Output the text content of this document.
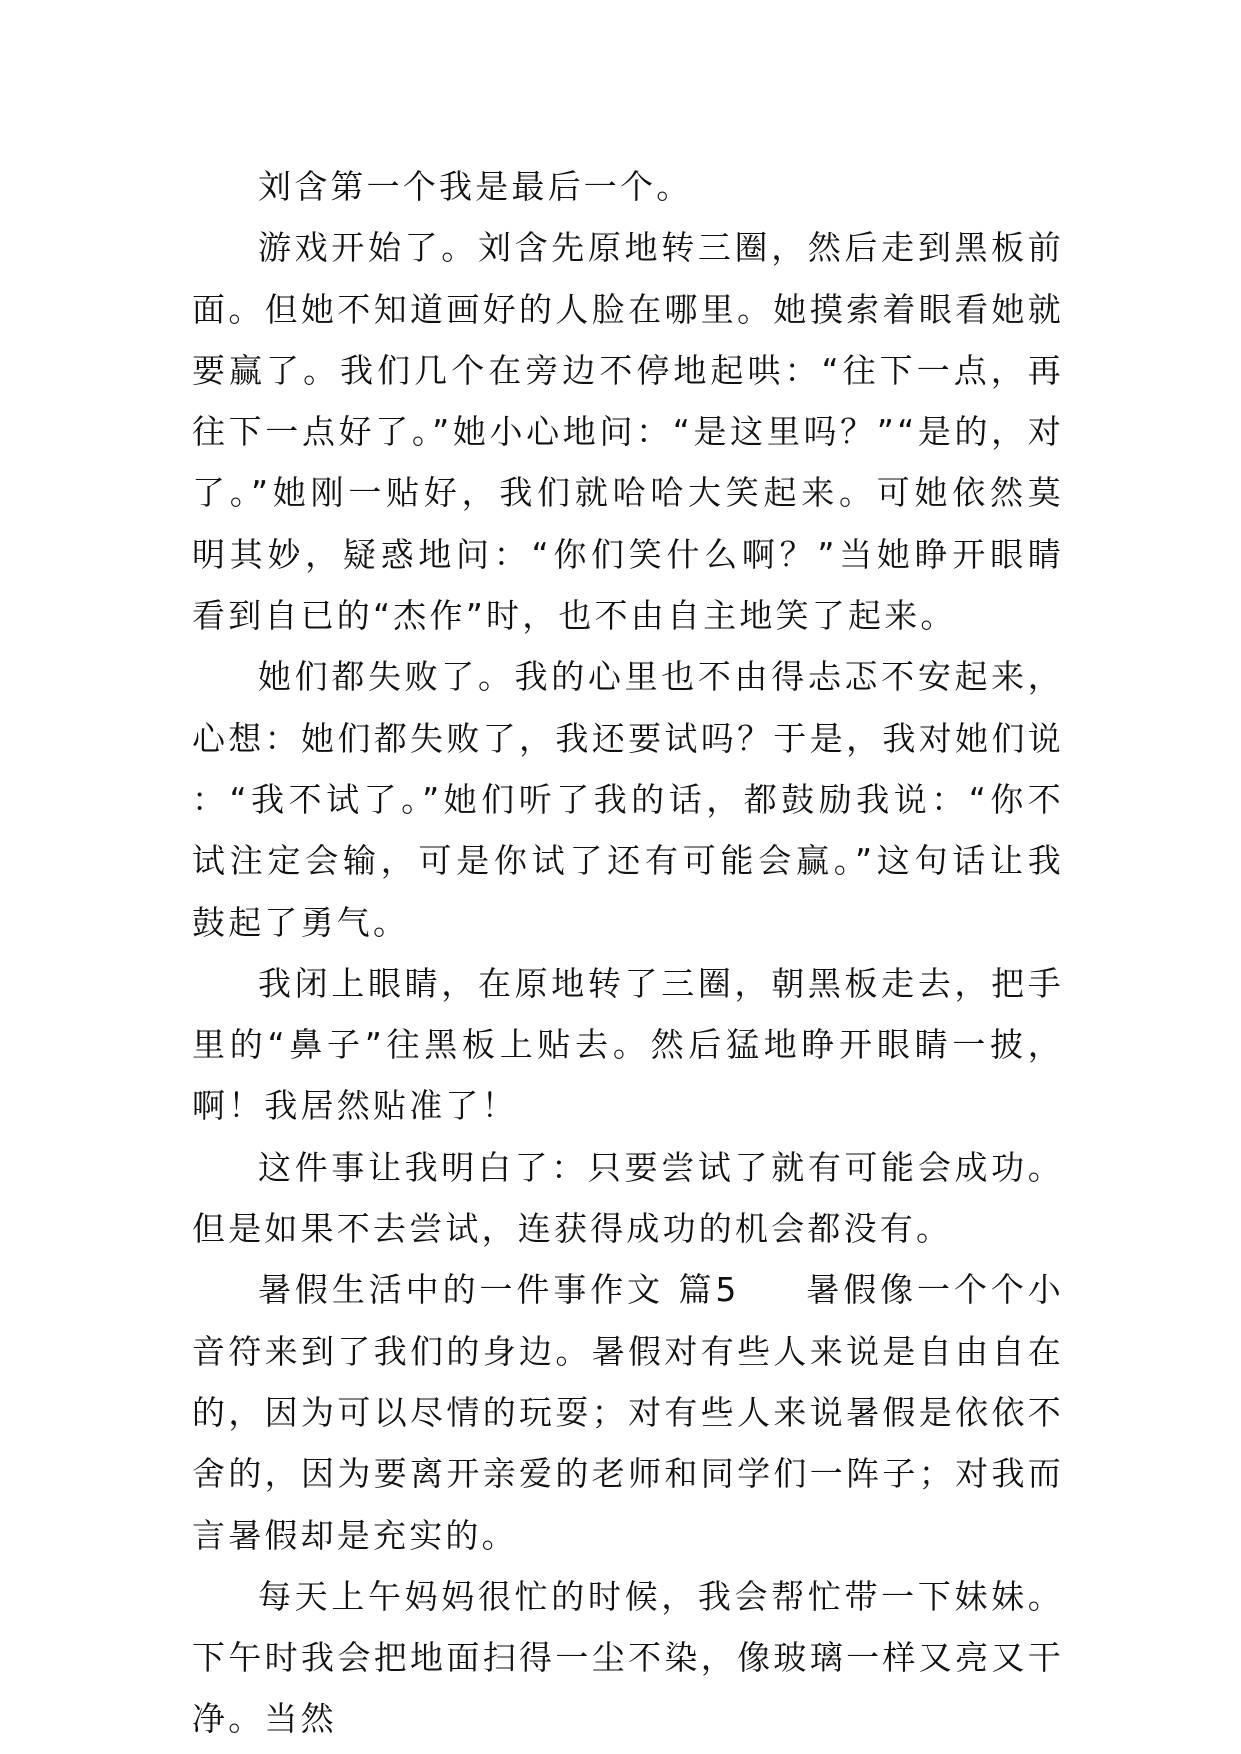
刘含第一个我是最后一个。

游戏开始了。刘含先原地转三圈，然后走到黑板前面。但她不知道画好的人脸在哪里。她摸索着眼看她就要赢了。我们几个在旁边不停地起哄：“往下一点，再往下一点好了。”她小心地问：“是这里吗？”“是的，对了。”她刚一贴好，我们就哈哈大笑起来。可她依然莫明其妙，疑惑地问：“你们笑什么啊？”当她睁开眼睛看到自已的“杰作”时，也不由自主地笑了起来。

她们都失败了。我的心里也不由得忐忑不安起来，心想：她们都失败了，我还要试吗？于是，我对她们说：“我不试了。”她们听了我的话，都鼓励我说：“你不试注定会输，可是你试了还有可能会赢。”这句话让我鼓起了勇气。

我闭上眼睛，在原地转了三圈，朝黑板走去，把手里的“鼻子”往黑板上贴去。然后猛地睁开眼睛一披，啊！我居然贴准了！

这件事让我明白了：只要尝试了就有可能会成功。但是如果不去尝试，连获得成功的机会都没有。

暑假生活中的一件事作文 篇5 暑假像一个个小音符来到了我们的身边。暑假对有些人来说是自由自在的，因为可以尽情的玩耍；对有些人来说暑假是依依不舍的，因为要离开亲爱的老师和同学们一阵子；对我而言暑假却是充实的。

每天上午妈妈很忙的时候，我会帮忙带一下妹妹。下午时我会把地面扫得一尘不染，像玻璃一样又亮又干净。当然
